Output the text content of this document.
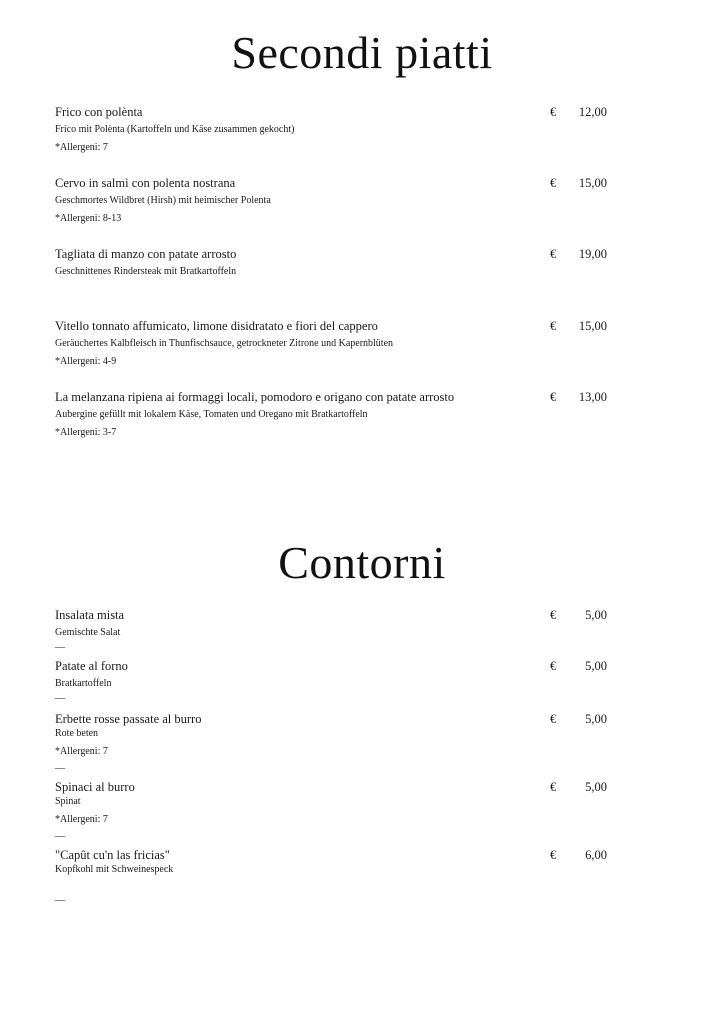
Secondi piatti
Frico con polènta
Frico mit Polènta (Kartoffeln und Käse zusammen gekocht)
*Allergeni: 7
€ 12,00
Cervo in salmì con polenta nostrana
Geschmortes Wildbret (Hirsh) mit heimischer Polenta
*Allergeni: 8-13
€ 15,00
Tagliata di manzo con patate arrosto
Geschnittenes Rindersteak mit Bratkartoffeln
€ 19,00
Vitello tonnato affumicato, limone disidratato e fiori del cappero
Geräuchertes Kalbfleisch in Thunfischsauce, getrockneter Zitrone und Kapernblüten
*Allergeni: 4-9
€ 15,00
La melanzana ripiena ai formaggi locali, pomodoro e origano con patate arrosto
Aubergine gefüllt mit lokalem Käse, Tomaten und Oregano mit Bratkartoffeln
*Allergeni: 3-7
€ 13,00
Contorni
Insalata mista
Gemischte Salat
—
€ 5,00
Patate al forno
Bratkartoffeln
—
€ 5,00
Erbette rosse passate al burro
Rote beten
*Allergeni: 7
—
€ 5,00
Spinaci al burro
Spinat
*Allergeni: 7
—
€ 5,00
"Capût cu'n las fricias"
Kopfkohl mit Schweinespeck
—
€ 6,00
